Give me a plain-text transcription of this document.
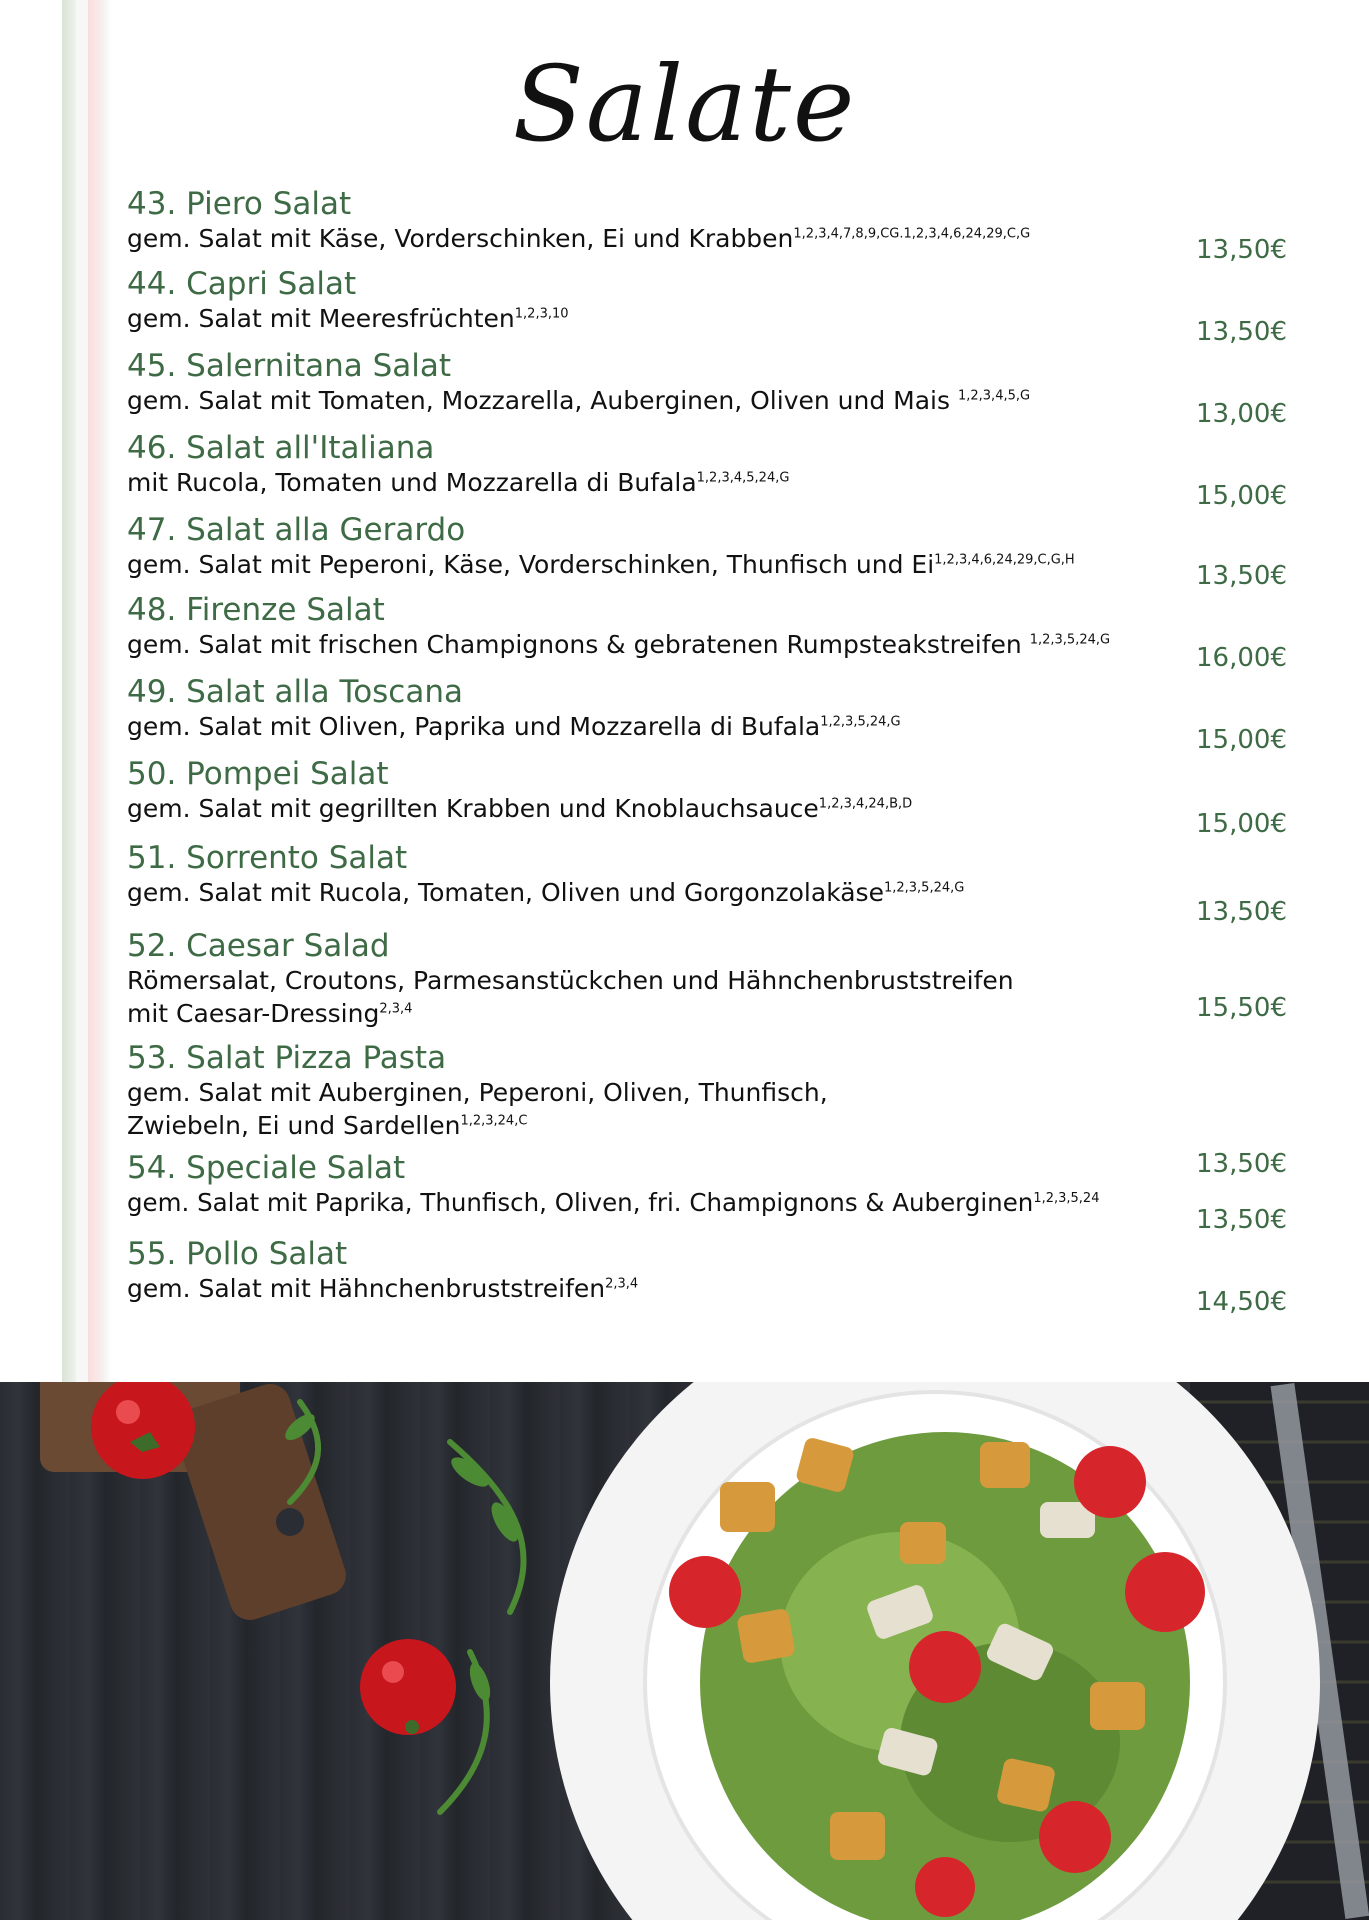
Salate
43. Piero Salat
gem. Salat mit Käse, Vorderschinken, Ei und Krabben$^{1,2,3,4,7,8,9,CG.1,2,3,4,6,24,29,C,G}$
13,50€
44. Capri Salat
gem. Salat mit Meeresfrüchten$^{1,2,3,10}$
13,50€
45. Salernitana Salat
gem. Salat mit Tomaten, Mozzarella, Auberginen, Oliven und Mais $^{1,2,3,4,5,G}$
13,00€
46. Salat all'Italiana
mit Rucola, Tomaten und Mozzarella di Bufala$^{1,2,3,4,5,24,G}$
15,00€
47. Salat alla Gerardo
gem. Salat mit Peperoni, Käse, Vorderschinken, Thunfisch und $Ei^{1,2,3,4,6,24,29,C,G,H}$
13,50€
48. Firenze Salat
gem. Salat mit frischen Champignons & gebratenen Rumpsteakstreifen $^{1,2,3,5,24,G}$
16,00€
49. Salat alla Toscana
gem. Salat mit Oliven, Paprika und Mozzarella di Bufala$^{1,2,3,5,24,G}$
15,00€
50. Pompei Salat
gem. Salat mit gegrillten Krabben und Knoblauchsauce$^{1,2,3,4,24,B,D}$
15,00€
51. Sorrento Salat
gem. Salat mit Rucola, Tomaten, Oliven und Gorgonzolakäse$^{1,2,3,5,24,G}$
13,50€
52. Caesar Salad
Römersalat, Croutons, Parmesanstückchen und Hähnchenbruststreifen mit Caesar-Dressing$^{2,3,4}$	15,50€
53. Salat Pizza Pasta
gem. Salat mit Auberginen, Peperoni, Oliven, Thunfisch, Zwiebeln, Ei und Sardellen$^{1,2,3,24,C}$
13,50€
54. Speciale Salat
gem. Salat mit Paprika, Thunfisch, Oliven, fri. Champignons & Auberginen$^{1,2,3,5,24}$
13,50€
55. Pollo Salat
gem. Salat mit Hähnchenbruststreifen$^{2,3,4}$
14,50€
